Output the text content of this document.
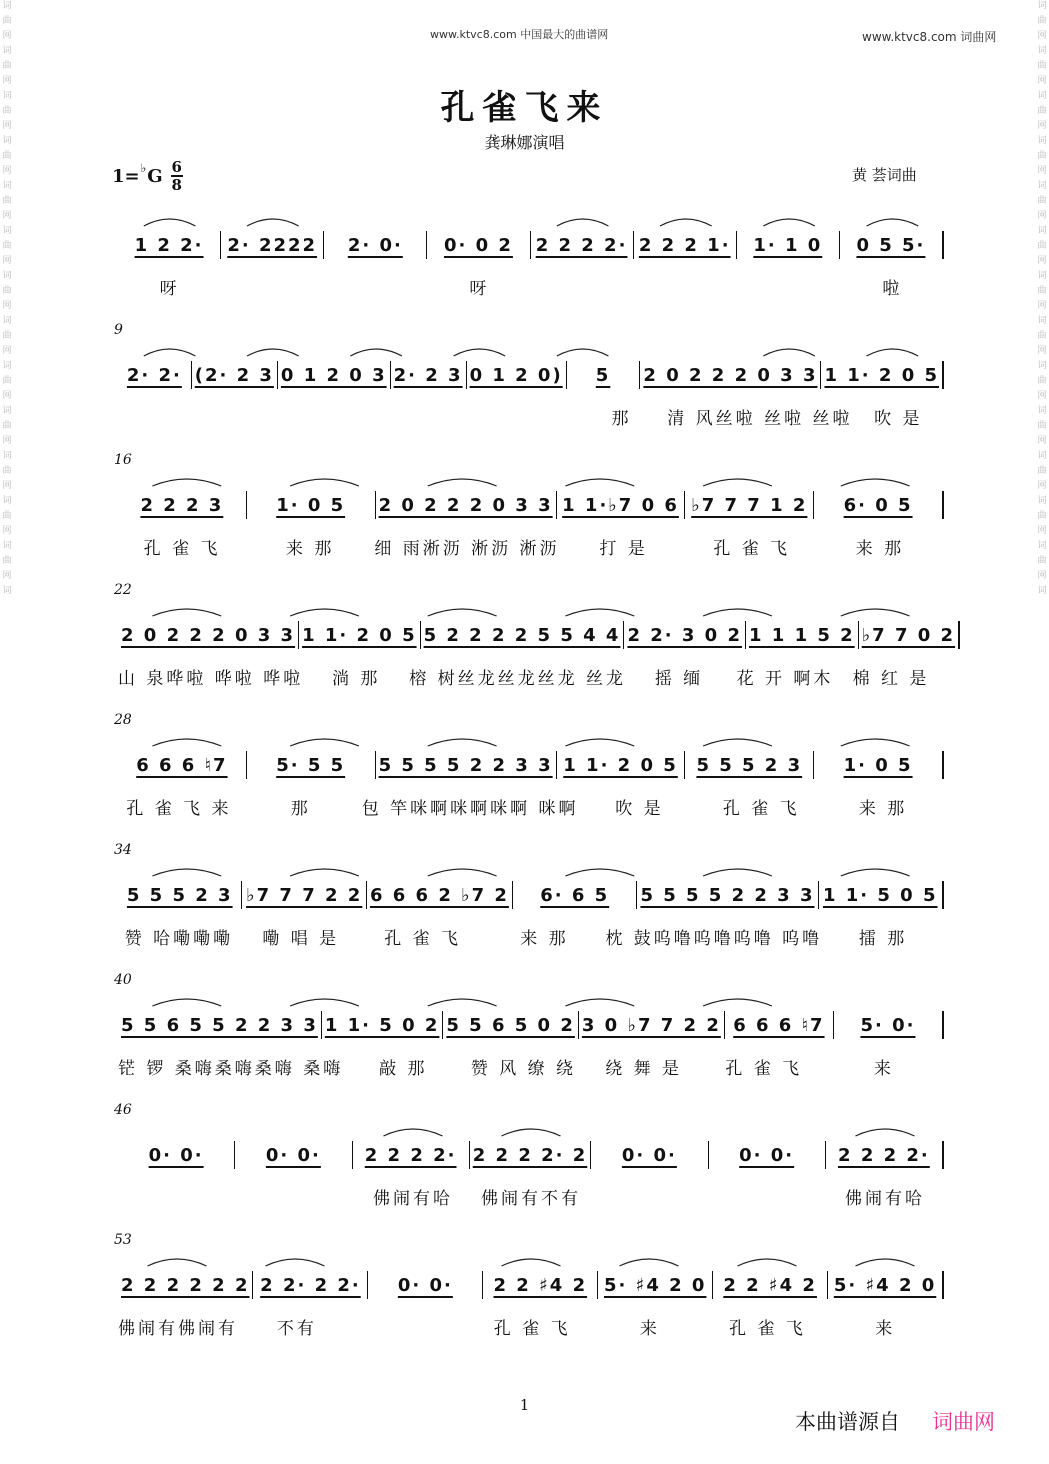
词
曲
网
词
曲
网
词
曲
网
词
曲
网
词
曲
网
词
曲
网
词
曲
网
词
曲
网
词
曲
网
词
曲
网
词
曲
网
词
曲
网
词
曲
网
词
词
曲
网
词
曲
网
词
曲
网
词
曲
网
词
曲
网
词
曲
网
词
曲
网
词
曲
网
词
曲
网
词
曲
网
词
曲
网
词
曲
网
词
曲
网
词
www.ktvc8.com 中国最大的曲谱网	www.ktvc8.com 词曲网
孔雀飞来
龚琳娜演唱
1= ♭ G 6
8
黄 荟词曲
1 2 2·	2· 2222	2· 0·	0· 0 2	2 2 2 2· 2 2 2 1·	1· 1 0	0 5 5·
呀	呀	啦
9
2· 2· (2· 2 3 0 1 2 0 3 2· 2 3 0 1 2 0)	5	2 0 2 2 2 0 3 3 1 1· 2 0 5
那	清 风丝啦 丝啦 丝啦	吹 是
16
2 2 2 3	1· 0 5	2 0 2 2 2 0 3 3 1 1·♭7 0 6 ♭7 7 7 1 2	6· 0 5
孔 雀 飞	来 那	细 雨淅沥 淅沥 淅沥	打 是	孔 雀 飞	来 那
22
2 0 2 2 2 0 3 3 1 1· 2 0 5 5 2 2 2 2 5 5 4 4 2 2· 3 0 2 1 1 1 5 2 ♭7 7 0 2
山 泉哗啦 哗啦 哗啦	淌 那	榕 树丝龙丝龙丝龙 丝龙	摇 缅	花 开 啊木	棉 红 是
28
6 6 6 ♮7	5· 5 5	5 5 5 5 2 2 3 3 1 1· 2 0 5	5 5 5 2 3	1· 0 5
孔 雀 飞 来	那	包 竿咪啊咪啊咪啊 咪啊	吹 是	孔 雀 飞	来 那
34
5 5 5 2 3 ♭7 7 7 2 2 6 6 6 2 ♭7 2	6· 6 5	5 5 5 5 2 2 3 3 1 1· 5 0 5
赞 哈嘞嘞嘞	嘞 唱 是	孔 雀 飞	来 那	枕 鼓呜噜呜噜呜噜 呜噜	擂 那
40
5 5 6 5 5 2 2 3 3 1 1· 5 0 2 5 5 6 5 0 2 3 0 ♭7 7 2 2 6 6 6 ♮7	5· 0·
铓 锣 桑嗨桑嗨桑嗨 桑嗨	敲 那	赞 风 缭 绕	绕 舞 是	孔 雀 飞	来
46
0· 0·	0· 0·	2 2 2 2· 2 2 2 2· 2	0· 0·	0· 0·	2 2 2 2·
佛闹有哈	佛闹有不有	佛闹有哈
53
2 2 2 2 2 2 2 2· 2 2·	0· 0·	2 2 ♯4 2 5· ♯4 2 0 2 2 ♯4 2 5· ♯4 2 0
佛闹有佛闹有	不有	孔 雀 飞	来	孔 雀 飞	来
1
本曲谱源自 词曲网
